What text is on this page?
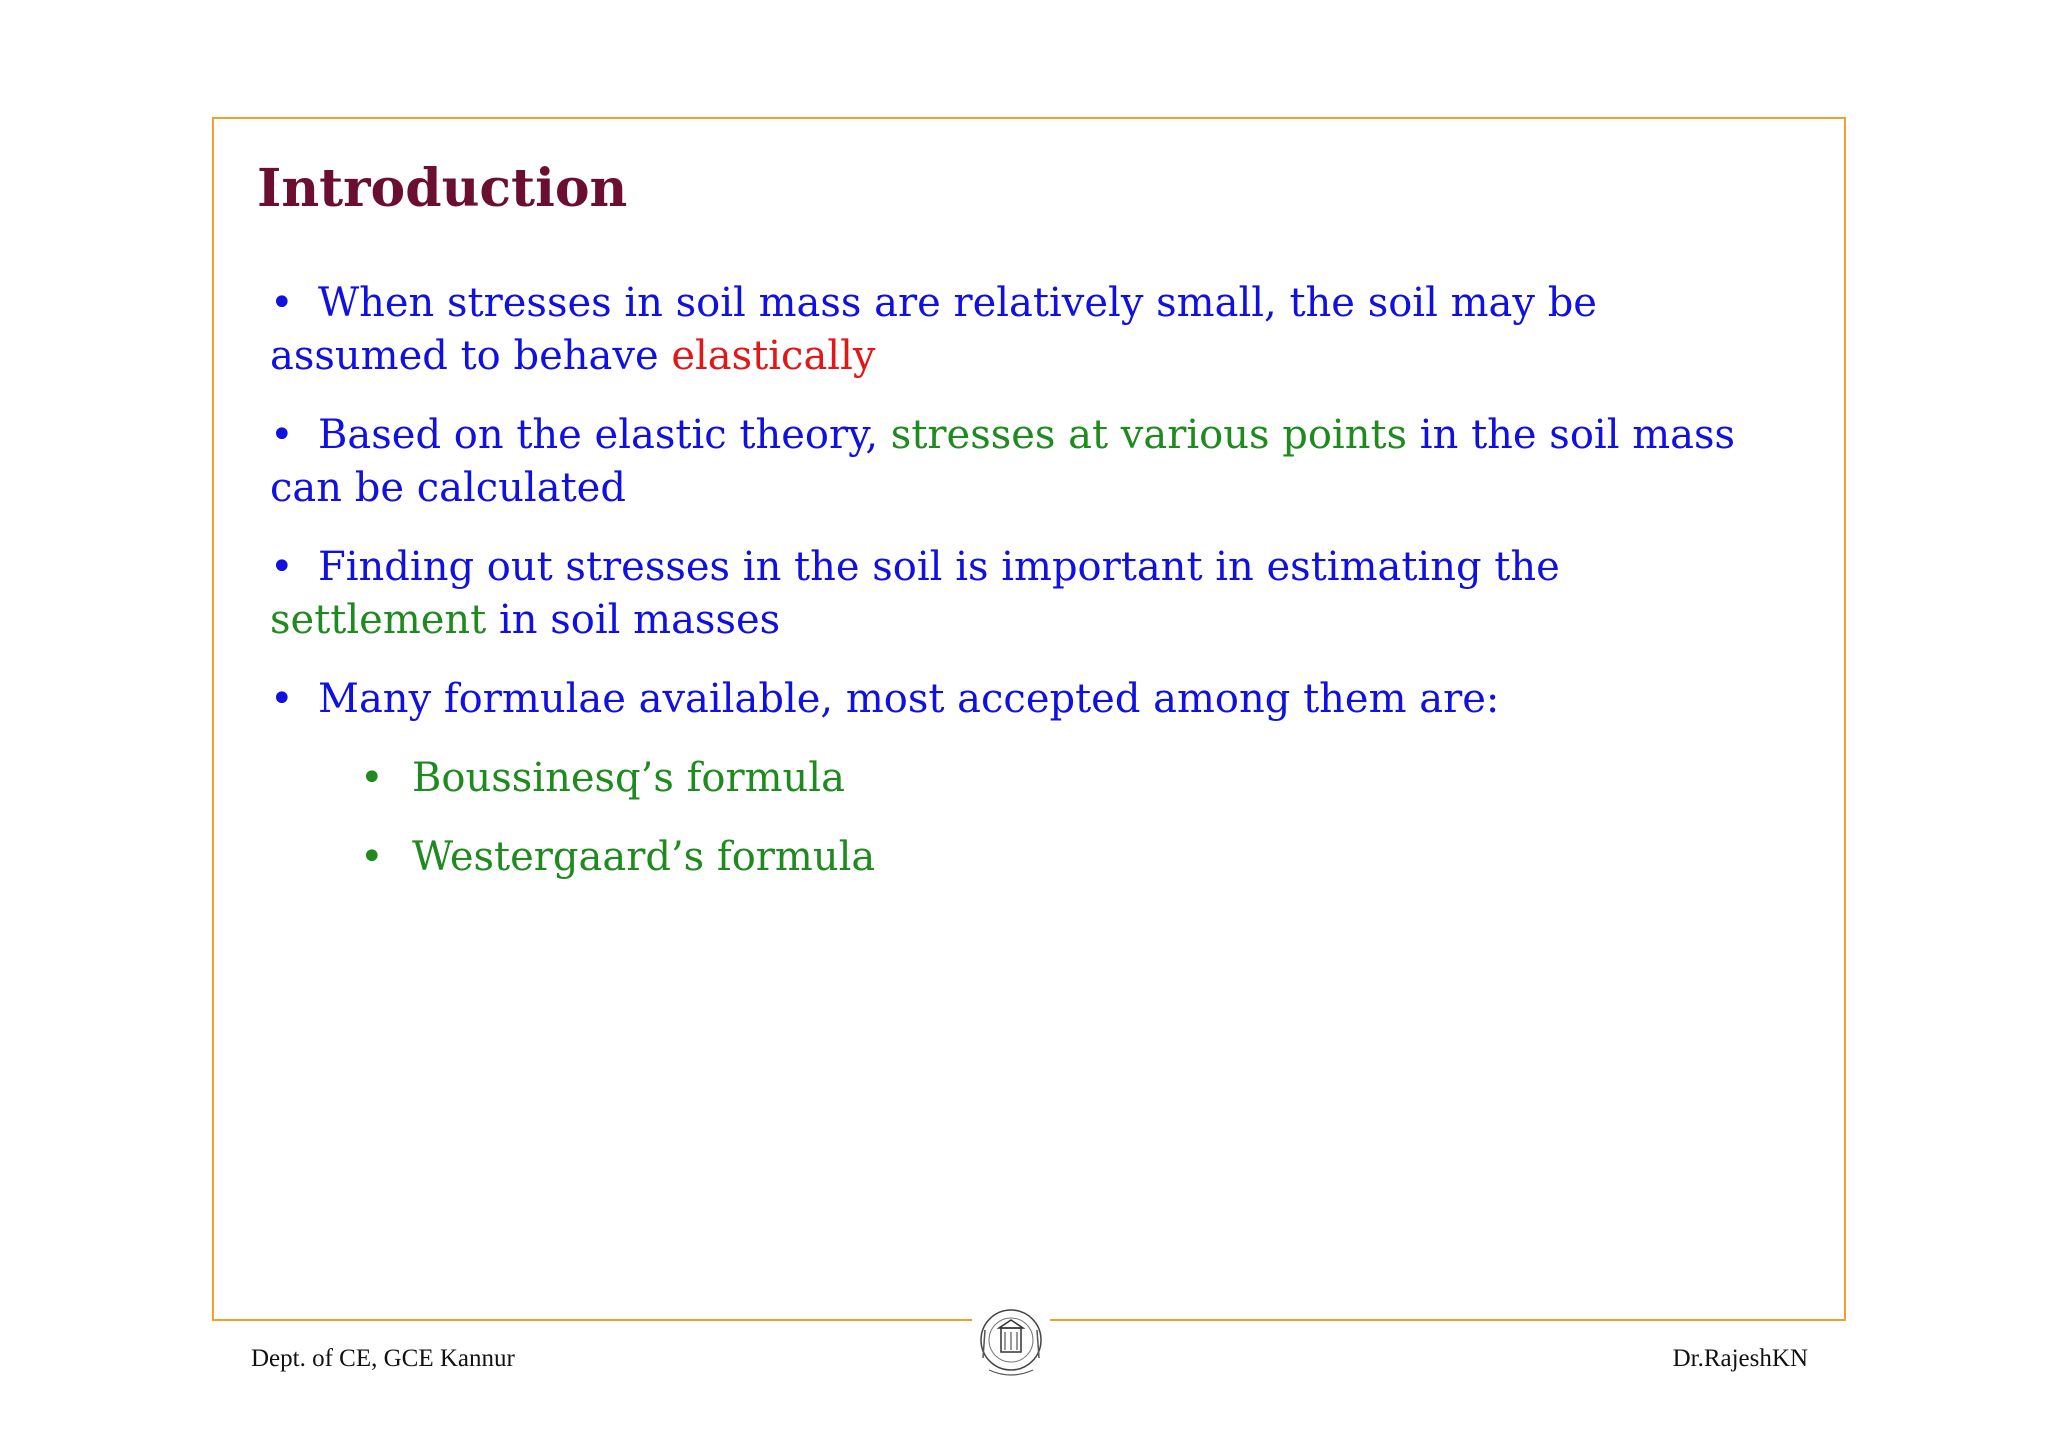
Introduction
• When stresses in soil mass are relatively small, the soil may be assumed to behave elastically
• Based on the elastic theory, stresses at various points in the soil mass can be calculated
• Finding out stresses in the soil is important in estimating the settlement in soil masses
• Many formulae available, most accepted among them are:
• Boussinesq’s formula
• Westergaard’s formula
Dept. of CE, GCE Kannur	Dr.RajeshKN
